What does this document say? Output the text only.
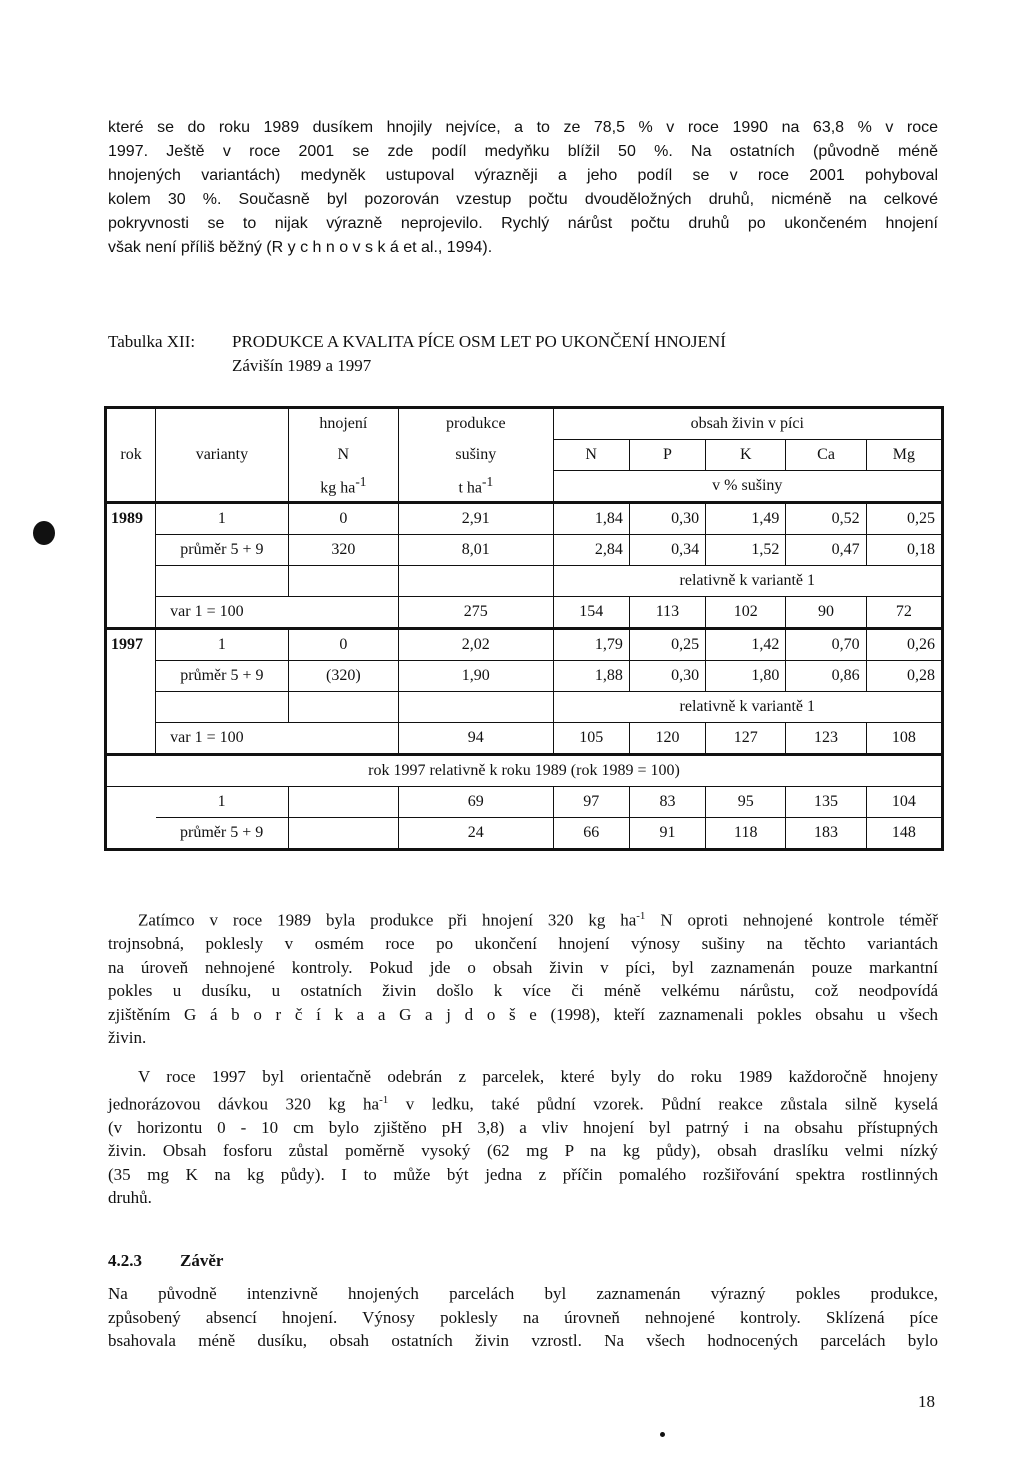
které se do roku 1989 dusíkem hnojily nejvíce, a to ze 78,5 % v roce 1990 na 63,8 % v roce
1997. Ještě v roce 2001 se zde podíl medyňku blížil 50 %. Na ostatních (původně méně
hnojených variantách) medyněk ustupoval výrazněji a jeho podíl se v roce 2001 pohyboval
kolem 30 %. Současně byl pozorován vzestup počtu dvouděložných druhů, nicméně na celkové
pokryvnosti se to nijak výrazně neprojevilo. Rychlý nárůst počtu druhů po ukončeném hnojení
však není příliš běžný (R y c h n o v s k á et al., 1994).
Tabulka XII: PRODUKCE A KVALITA PÍCE OSM LET PO UKONČENÍ HNOJENÍ
Závišín 1989 a 1997
		hnojení	produkce	obsah živin v píci				
rok	varianty	N	sušiny	N	P	K	Ca	Mg
		kg $ha^{-1}$	t $ha^{-1}$	v % sušiny				
1989	1	0	2,91	1,84	0,30	1,49	0,52	0,25
	průměr 5 + 9	320	8,01	2,84	0,34	1,52	0,47	0,18
				relativně k variantě 1				
	var 1 = 100		275	154	113	102	90	72
1997	1	0	2,02	1,79	0,25	1,42	0,70	0,26
	průměr 5 + 9	(320)	1,90	1,88	0,30	1,80	0,86	0,28
				relativně k variantě 1				
	var 1 = 100		94	105	120	127	123	108
rok 1997 relativně k roku 1989 (rok 1989 = 100)								
	1		69	97	83	95	135	104
	průměr 5 + 9		24	66	91	118	183	148
Zatímco v roce 1989 byla produkce při hnojení 320 kg $ha^{-1}$ N oproti nehnojené kontrole téměř
trojnsobná, poklesly v osmém roce po ukončení hnojení výnosy sušiny na těchto variantách
na úroveň nehnojené kontroly. Pokud jde o obsah živin v píci, byl zaznamenán pouze markantní
pokles u dusíku, u ostatních živin došlo k více či méně velkému nárůstu, což neodpovídá
zjištěním G á b o r č í k a a G a j d o š e (1998), kteří zaznamenali pokles obsahu u všech
živin.
V roce 1997 byl orientačně odebrán z parcelek, které byly do roku 1989 každoročně hnojeny
jednorázovou dávkou 320 kg $ha^{-1}$ v ledku, také půdní vzorek. Půdní reakce zůstala silně kyselá
(v horizontu 0 - 10 cm bylo zjištěno pH 3,8) a vliv hnojení byl patrný i na obsahu přístupných
živin. Obsah fosforu zůstal poměrně vysoký (62 mg P na kg půdy), obsah draslíku velmi nízký
(35 mg K na kg půdy). I to může být jedna z příčin pomalého rozšiřování spektra rostlinných
druhů.
4.2.3 Závěr
Na původně intenzivně hnojených parcelách byl zaznamenán výrazný pokles produkce,
způsobený absencí hnojení. Výnosy poklesly na úrovneň nehnojené kontroly. Sklízená píce
bsahovala méně dusíku, obsah ostatních živin vzrostl. Na všech hodnocených parcelách bylo
18
